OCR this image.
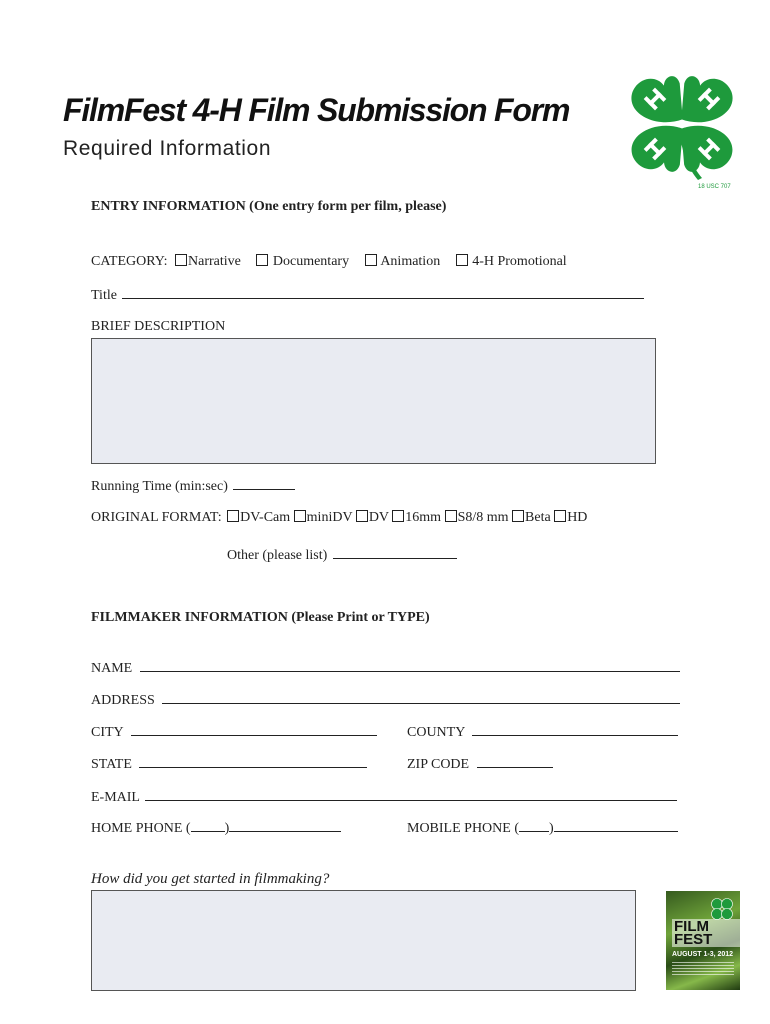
FilmFest 4-H Film Submission Form
Required Information
18 USC 707
ENTRY INFORMATION (One entry form per film, please)
CATEGORY: Narrative Documentary Animation 4-H Promotional
Title
BRIEF DESCRIPTION
Running Time (min:sec)
ORIGINAL FORMAT: DV-Cam miniDV DV 16mm S8/8 mm Beta HD
Other (please list)
FILMMAKER INFORMATION (Please Print or TYPE)
NAME
ADDRESS
CITY	COUNTY
STATE	ZIP CODE
E-MAIL
HOME PHONE ( )	MOBILE PHONE ( )
How did you get started in filmmaking?
FILM FEST
AUGUST 1-3, 2012
